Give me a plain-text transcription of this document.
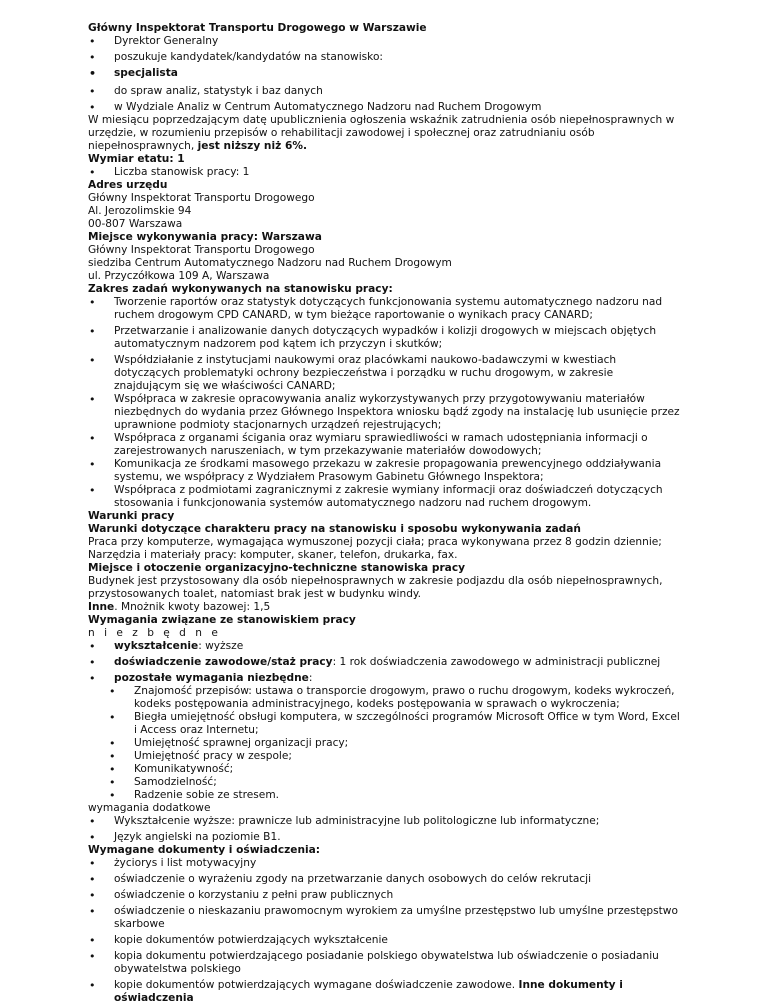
Główny Inspektorat Transportu Drogowego w Warszawie

• Dyrektor Generalny

• poszukuje kandydatek/kandydatów na stanowisko:

• specjalista

• do spraw analiz, statystyk i baz danych

• w Wydziale Analiz w Centrum Automatycznego Nadzoru nad Ruchem Drogowym

W miesiącu poprzedzającym datę upublicznienia ogłoszenia wskaźnik zatrudnienia osób niepełnosprawnych w urzędzie, w rozumieniu przepisów o rehabilitacji zawodowej i społecznej oraz zatrudnianiu osób niepełnosprawnych, jest niższy niż 6%.

Wymiar etatu: 1

• Liczba stanowisk pracy: 1

Adres urzędu

Główny Inspektorat Transportu Drogowego

Al. Jerozolimskie 94

00-807 Warszawa

Miejsce wykonywania pracy: Warszawa

Główny Inspektorat Transportu Drogowego

siedziba Centrum Automatycznego Nadzoru nad Ruchem Drogowym

ul. Przyczółkowa 109 A, Warszawa

Zakres zadań wykonywanych na stanowisku pracy:

• Tworzenie raportów oraz statystyk dotyczących funkcjonowania systemu automatycznego nadzoru nad ruchem drogowym CPD CANARD, w tym bieżące raportowanie o wynikach pracy CANARD;

• Przetwarzanie i analizowanie danych dotyczących wypadków i kolizji drogowych w miejscach objętych automatycznym nadzorem pod kątem ich przyczyn i skutków;

• Współdziałanie z instytucjami naukowymi oraz placówkami naukowo-badawczymi w kwestiach dotyczących problematyki ochrony bezpieczeństwa i porządku w ruchu drogowym, w zakresie znajdującym się we właściwości CANARD;

• Współpraca w zakresie opracowywania analiz wykorzystywanych przy przygotowywaniu materiałów niezbędnych do wydania przez Głównego Inspektora wniosku bądź zgody na instalację lub usunięcie przez uprawnione podmioty stacjonarnych urządzeń rejestrujących;

• Współpraca z organami ścigania oraz wymiaru sprawiedliwości w ramach udostępniania informacji o zarejestrowanych naruszeniach, w tym przekazywanie materiałów dowodowych;

• Komunikacja ze środkami masowego przekazu w zakresie propagowania prewencyjnego oddziaływania systemu, we współpracy z Wydziałem Prasowym Gabinetu Głównego Inspektora;

• Współpraca z podmiotami zagranicznymi z zakresie wymiany informacji oraz doświadczeń dotyczących stosowania i funkcjonowania systemów automatycznego nadzoru nad ruchem drogowym.

Warunki pracy

Warunki dotyczące charakteru pracy na stanowisku i sposobu wykonywania zadań

Praca przy komputerze, wymagająca wymuszonej pozycji ciała; praca wykonywana przez 8 godzin dziennie; Narzędzia i materiały pracy: komputer, skaner, telefon, drukarka, fax.

Miejsce i otoczenie organizacyjno-techniczne stanowiska pracy

Budynek jest przystosowany dla osób niepełnosprawnych w zakresie podjazdu dla osób niepełnosprawnych, przystosowanych toalet, natomiast brak jest w budynku windy.

Inne. Mnożnik kwoty bazowej: 1,5

Wymagania związane ze stanowiskiem pracy

n i e z b ę d n e

• wykształcenie: wyższe

• doświadczenie zawodowe/staż pracy: 1 rok doświadczenia zawodowego w administracji publicznej

• pozostałe wymagania niezbędne:

• Znajomość przepisów: ustawa o transporcie drogowym, prawo o ruchu drogowym, kodeks wykroczeń, kodeks postępowania administracyjnego, kodeks postępowania w sprawach o wykroczenia;

• Biegła umiejętność obsługi komputera, w szczególności programów Microsoft Office w tym Word, Excel i Access oraz Internetu;

• Umiejętność sprawnej organizacji pracy;

• Umiejętność pracy w zespole;

• Komunikatywność;

• Samodzielność;

• Radzenie sobie ze stresem.

wymagania dodatkowe

• Wykształcenie wyższe: prawnicze lub administracyjne lub politologiczne lub informatyczne;

• Język angielski na poziomie B1.

Wymagane dokumenty i oświadczenia:

• życiorys i list motywacyjny

• oświadczenie o wyrażeniu zgody na przetwarzanie danych osobowych do celów rekrutacji

• oświadczenie o korzystaniu z pełni praw publicznych

• oświadczenie o nieskazaniu prawomocnym wyrokiem za umyślne przestępstwo lub umyślne przestępstwo skarbowe

• kopie dokumentów potwierdzających wykształcenie

• kopia dokumentu potwierdzającego posiadanie polskiego obywatelstwa lub oświadczenie o posiadaniu obywatelstwa polskiego

• kopie dokumentów potwierdzających wymagane doświadczenie zawodowe. Inne dokumenty i oświadczenia
